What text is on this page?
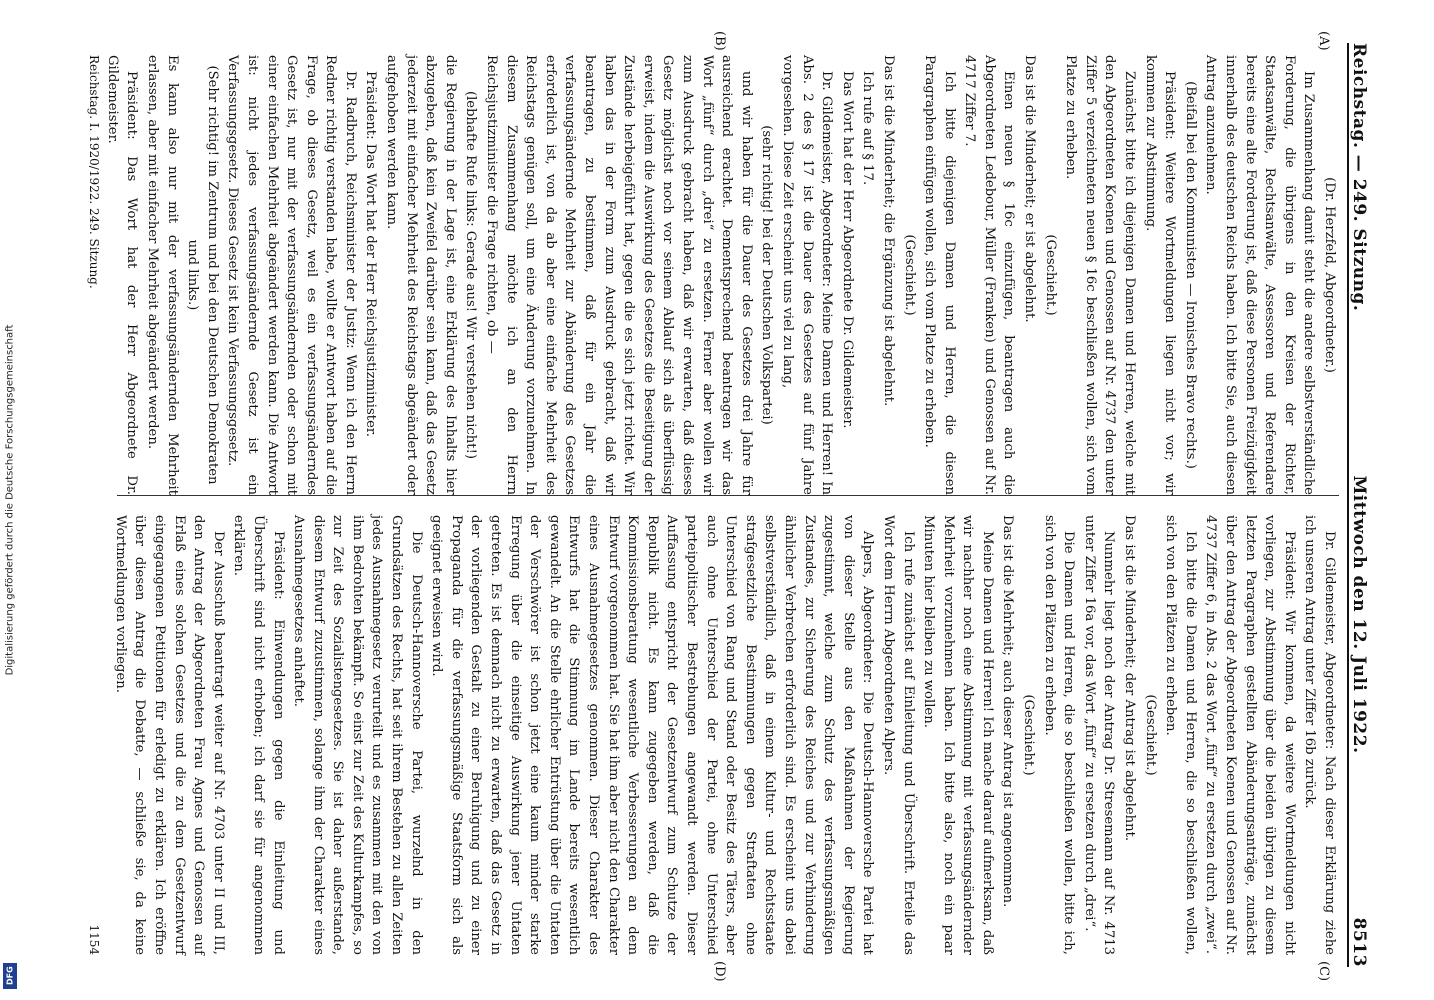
Digitalisierung gefördert durch die Deutsche Forschungsgemeinschaft
DFG
Reichstag. — 249. Sitzung.
Mittwoch den 12. Juli 1922.
8513
(A)
(B)
(C)
(D)

(Dr. Herzfeld, Abgeordneter.)

Im Zusammenhang damit steht die andere selbstverständliche Forderung, die übrigens in den Kreisen der Richter, Staatsanwälte, Rechtsanwälte, Assessoren und Referendare bereits eine alte Forderung ist, daß diese Personen Freizügigkeit innerhalb des deutschen Reichs haben. Ich bitte Sie, auch diesen Antrag anzunehmen.

(Beifall bei den Kommunisten — Ironisches Bravo rechts.)

Präsident: Weitere Wortmeldungen liegen nicht vor; wir kommen zur Abstimmung.

Zunächst bitte ich diejenigen Damen und Herren, welche mit den Abgeordneten Koenen und Genossen auf Nr. 4737 den unter Ziffer 5 verzeichneten neuen § 16c beschließen wollen, sich vom Platze zu erheben.

(Geschieht.)

Das ist die Minderheit; er ist abgelehnt.

Einen neuen § 16c einzufügen, beantragen auch die Abgeordneten Ledebour, Müller (Franken) und Genossen auf Nr. 4717 Ziffer 7.

Ich bitte diejenigen Damen und Herren, die diesen Paragraphen einfügen wollen, sich vom Platze zu erheben.

(Geschieht.)

Das ist die Minderheit; die Ergänzung ist abgelehnt.

Ich rufe auf § 17.

Das Wort hat der Herr Abgeordnete Dr. Gildemeister.

Dr. Gildemeister, Abgeordneter: Meine Damen und Herren! In Abs. 2 des § 17 ist die Dauer des Gesetzes auf fünf Jahre vorgesehen. Diese Zeit erscheint uns viel zu lang,

(sehr richtig! bei der Deutschen Volkspartei)

und wir haben für die Dauer des Gesetzes drei Jahre für ausreichend erachtet. Dementsprechend beantragen wir das Wort „fünf“ durch „drei“ zu ersetzen. Ferner aber wollen wir zum Ausdruck gebracht haben, daß wir erwarten, daß dieses Gesetz möglichst noch vor seinem Ablauf sich als überflüssig erweist, indem die Auswirkung des Gesetzes die Beseitigung der Zustände herbeigeführt hat, gegen die es sich jetzt richtet. Wir haben das in der Form zum Ausdruck gebracht, daß wir beantragen, zu bestimmen, daß für ein Jahr die verfassungsändernde Mehrheit zur Abänderung des Gesetzes erforderlich ist, von da ab aber eine einfache Mehrheit des Reichstags genügen soll, um eine Änderung vorzunehmen. In diesem Zusammenhang möchte ich an den Herrn Reichsjustizminister die Frage richten, ob —

(lebhafte Rufe links: Gerade aus! Wir verstehen nicht!)

die Regierung in der Lage ist, eine Erklärung des Inhalts hier abzugeben, daß kein Zweifel darüber sein kann, daß das Gesetz jederzeit mit einfacher Mehrheit des Reichstags abgeändert oder aufgehoben werden kann.

Präsident: Das Wort hat der Herr Reichsjustizminister.

Dr. Radbruch, Reichsminister der Justiz: Wenn ich den Herrn Redner richtig verstanden habe, wollte er Antwort haben auf die Frage, ob dieses Gesetz, weil es ein verfassungsänderndes Gesetz ist, nur mit der verfassungsändernden oder schon mit einer einfachen Mehrheit abgeändert werden kann. Die Antwort ist: nicht jedes verfassungsändernde Gesetz ist ein Verfassungsgesetz. Dieses Gesetz ist kein Verfassungsgesetz.

(Sehr richtig! im Zentrum und bei den Deutschen Demokraten und links.)

Es kann also nur mit der verfassungsändernden Mehrheit erlassen, aber mit einfacher Mehrheit abgeändert werden.

Präsident: Das Wort hat der Herr Abgeordnete Dr. Gildemeister.

Dr. Gildemeister, Abgeordneter: Nach dieser Erklärung ziehe ich unseren Antrag unter Ziffer 16b zurück.

Präsident: Wir kommen, da weitere Wortmeldungen nicht vorliegen, zur Abstimmung über die beiden übrigen zu diesem letzten Paragraphen gestellten Abänderungsanträge, zunächst über den Antrag der Abgeordneten Koenen und Genossen auf Nr. 4737 Ziffer 6, in Abs. 2 das Wort „fünf“ zu ersetzen durch „zwei“.

Ich bitte die Damen und Herren, die so beschließen wollen, sich von den Plätzen zu erheben.

(Geschieht.)

Das ist die Minderheit; der Antrag ist abgelehnt.

Nunmehr liegt noch der Antrag Dr. Stresemann auf Nr. 4713 unter Ziffer 16a vor, das Wort „fünf“ zu ersetzen durch „drei“.

Die Damen und Herren, die so beschließen wollen, bitte ich, sich von den Plätzen zu erheben.

(Geschieht.)

Das ist die Mehrheit; auch dieser Antrag ist angenommen.

Meine Damen und Herren! Ich mache darauf aufmerksam, daß wir nachher noch eine Abstimmung mit verfassungsändernder Mehrheit vorzunehmen haben. Ich bitte also, noch ein paar Minuten hier bleiben zu wollen.

Ich rufe zunächst auf Einleitung und Überschrift. Erteile das Wort dem Herrn Abgeordneten Alpers.

Alpers, Abgeordneter: Die Deutsch-Hannoversche Partei hat von dieser Stelle aus den Maßnahmen der Regierung zugestimmt, welche zum Schutz des verfassungsmäßigen Zustandes, zur Sicherung des Reiches und zur Verhinderung ähnlicher Verbrechen erforderlich sind. Es erscheint uns dabei selbstverständlich, daß in einem Kultur- und Rechtsstaate strafgesetzliche Bestimmungen gegen Straftaten ohne Unterschied von Rang und Stand oder Besitz des Täters, aber auch ohne Unterschied der Partei, ohne Unterschied parteipolitischer Bestrebungen angewandt werden. Dieser Auffassung entspricht der Gesetzentwurf zum Schutze der Republik nicht. Es kann zugegeben werden, daß die Kommissionsberatung wesentliche Verbesserungen an dem Entwurf vorgenommen hat. Sie hat ihm aber nicht den Charakter eines Ausnahmegesetzes genommen. Dieser Charakter des Entwurfs hat die Stimmung im Lande bereits wesentlich gewandelt. An die Stelle ehrlicher Entrüstung über die Untaten der Verschwörer ist schon jetzt eine kaum minder starke Erregung über die einseitige Auswirkung jener Untaten getreten. Es ist demnach nicht zu erwarten, daß das Gesetz in der vorliegenden Gestalt zu einer Beruhigung und zu einer Propaganda für die verfassungsmäßige Staatsform sich als geeignet erweisen wird.

Die Deutsch-Hannoversche Partei, wurzelnd in den Grundsätzen des Rechts, hat seit ihrem Bestehen zu allen Zeiten jedes Ausnahmegesetz verurteilt und es zusammen mit den von ihm Bedrohten bekämpft. So einst zur Zeit des Kulturkampfes, so zur Zeit des Sozialistengesetzes. Sie ist daher außerstande, diesem Entwurf zuzustimmen, solange ihm der Charakter eines Ausnahmegesetzes anhaftet.

Präsident: Einwendungen gegen die Einleitung und Überschrift sind nicht erhoben; ich darf sie für angenommen erklären.

Der Ausschuß beantragt weiter auf Nr. 4703 unter II und III, den Antrag der Abgeordneten Frau Agnes und Genossen auf Erlaß eines solchen Gesetzes und die zu dem Gesetzentwurf eingegangenen Petitionen für erledigt zu erklären. Ich eröffne über diesen Antrag die Debatte, — schließe sie, da keine Wortmeldungen vorliegen.

Reichstag. I. 1920/1922. 249. Sitzung.
1154
